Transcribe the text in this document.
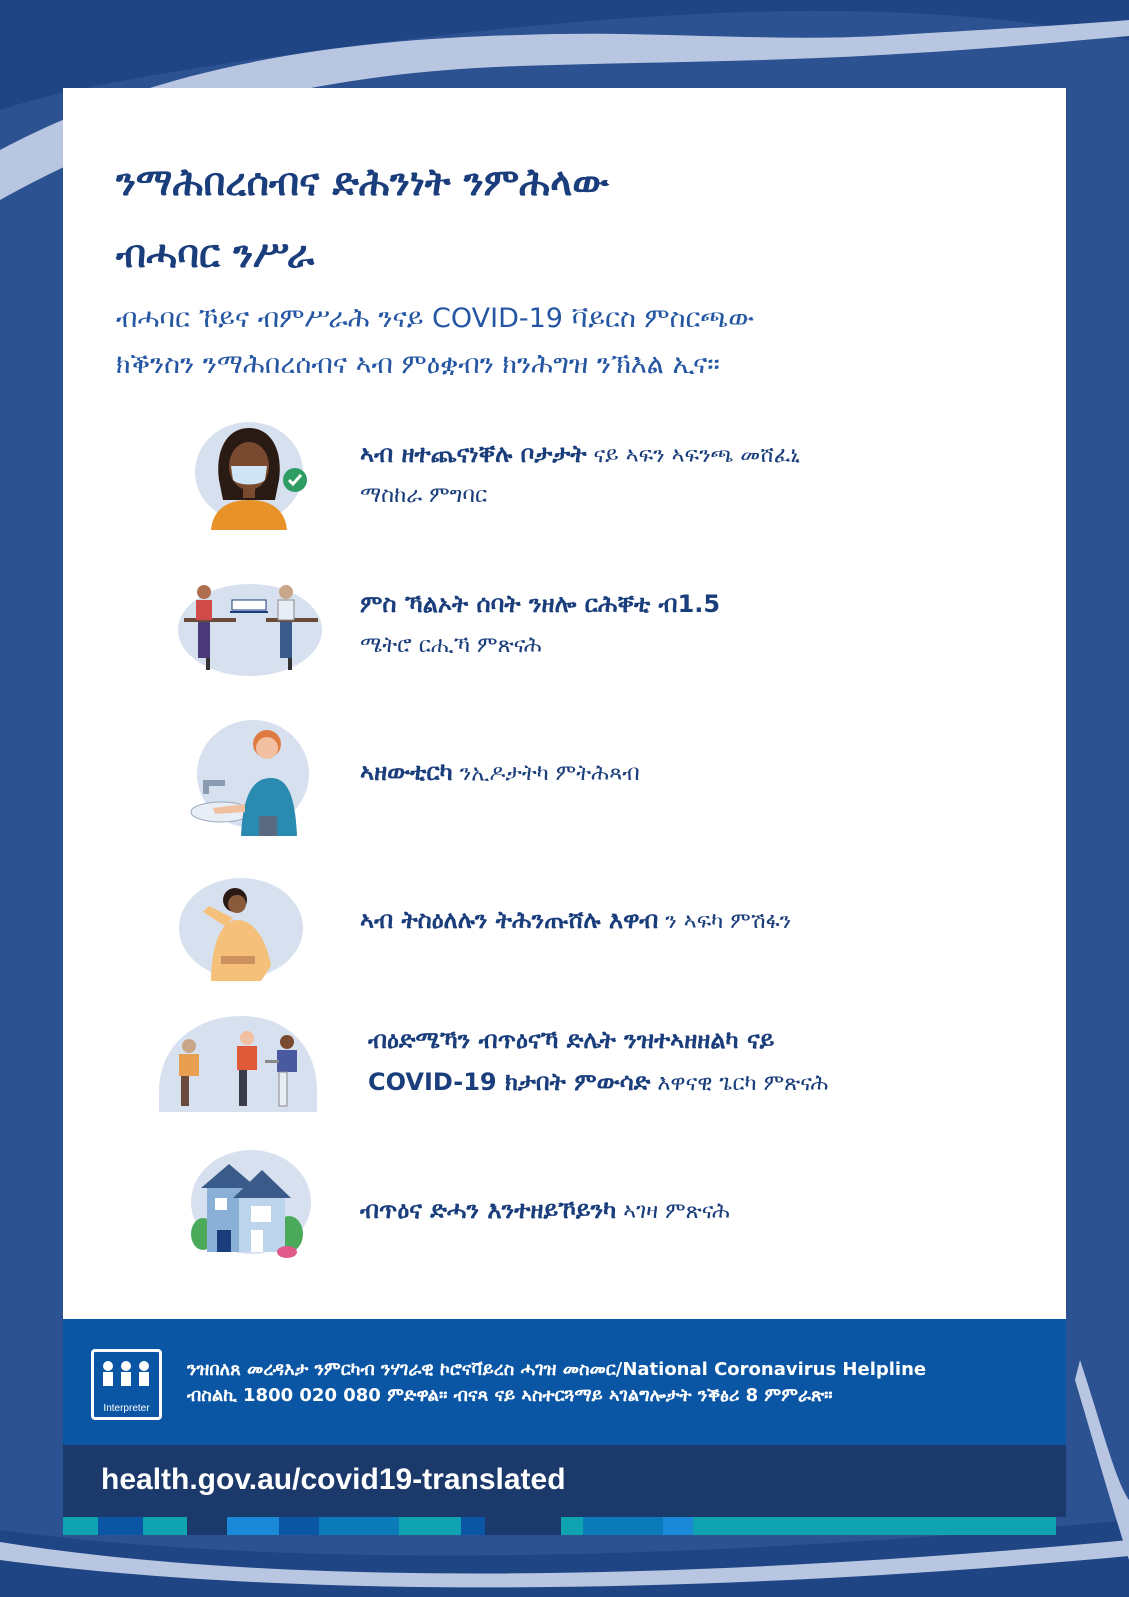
ንማሕበረሰብና ድሕንነት ንምሕላው
ብሓባር ንሥራ
ብሓባር ኾይና ብምሥራሕ ንናይ COVID-19 ቫይርስ ምስርጫው
ክቕንስን ንማሕበረሰብና ኣብ ምዕቋብን ክንሕግዝ ንኽእል ኢና።
ኣብ ዘተጨናነቐሉ ቦታታት ናይ ኣፍን ኣፍንጫ መሸፈኒ
ማስከራ ምግባር
ምስ ኻልኦት ሰባት ንዘሎ ርሕቐቲ ብ1.5
ሜትሮ ርሒኻ ምጽናሕ
ኣዘውቲርካ ንኢዶታትካ ምትሕጻብ
ኣብ ትስዕለሉን ትሕንጡሸሉ እዋብ ን ኣፍካ ምሽፋን
ብዕድሜኻን ብጥዕናኻ ድሌት ንዝተኣዘዘልካ ናይ
COVID-19 ክታበት ምውሳድ እዋናዊ ጌርካ ምጽናሕ
ብጥዕና ድሓን እንተዘይኾይንካ ኣገዛ ምጽናሕ
Interpreter
ንዝበለጸ መረዳእታ ንምርካብ ንሃገራዊ ኮሮናቫይረስ ሓገዝ መስመር/National Coronavirus Helpline
ብስልኪ 1800 020 080 ምድዋል። ብናጻ ናይ ኣስተርጓማይ ኣገልግሎታት ንቕፅሪ 8 ምምራጽ።
health.gov.au/covid19-translated
